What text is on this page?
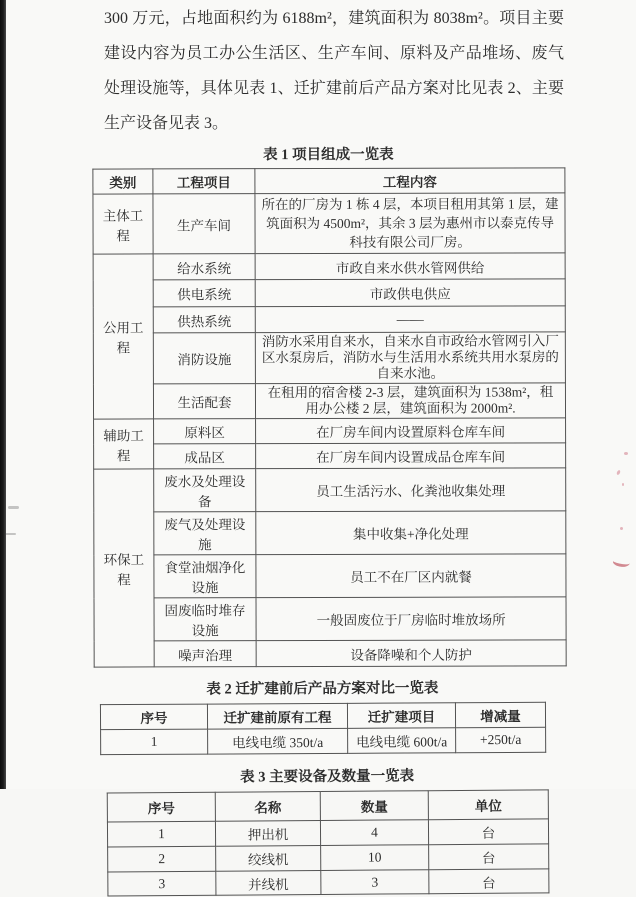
300 万元，占地面积约为 6188m²，建筑面积为 8038m²。项目主要建设内容为员工办公生活区、生产车间、原料及产品堆场、废气处理设施等，具体见表 1、迁扩建前后产品方案对比见表 2、主要生产设备见表 3。

表 1 项目组成一览表
类别	工程项目	工程内容
主体工程	生产车间	所在的厂房为 1 栋 4 层，本项目租用其第 1 层，建筑面积为 4500m²，其余 3 层为惠州市以泰克传导科技有限公司厂房。
公用工程	给水系统	市政自来水供水管网供给
	供电系统	市政供电供应
	供热系统	——
	消防设施	消防水采用自来水，自来水自市政给水管网引入厂区水泵房后，消防水与生活用水系统共用水泵房的自来水池。
	生活配套	在租用的宿舍楼 2-3 层，建筑面积为 1538m²，租用办公楼 2 层，建筑面积为 2000m².
辅助工程	原料区	在厂房车间内设置原料仓库车间
	成品区	在厂房车间内设置成品仓库车间
环保工程	废水及处理设备	员工生活污水、化粪池收集处理
	废气及处理设施	集中收集+净化处理
	食堂油烟净化设施	员工不在厂区内就餐
	固废临时堆存设施	一般固废位于厂房临时堆放场所
	噪声治理	设备降噪和个人防护
表 2 迁扩建前后产品方案对比一览表
序号	迁扩建前原有工程	迁扩建项目	增减量
1	电线电缆 350t/a	电线电缆 600t/a	+250t/a
表 3 主要设备及数量一览表
序号	名称	数量	单位
1	押出机	4	台
2	绞线机	10	台
3	并线机	3	台
